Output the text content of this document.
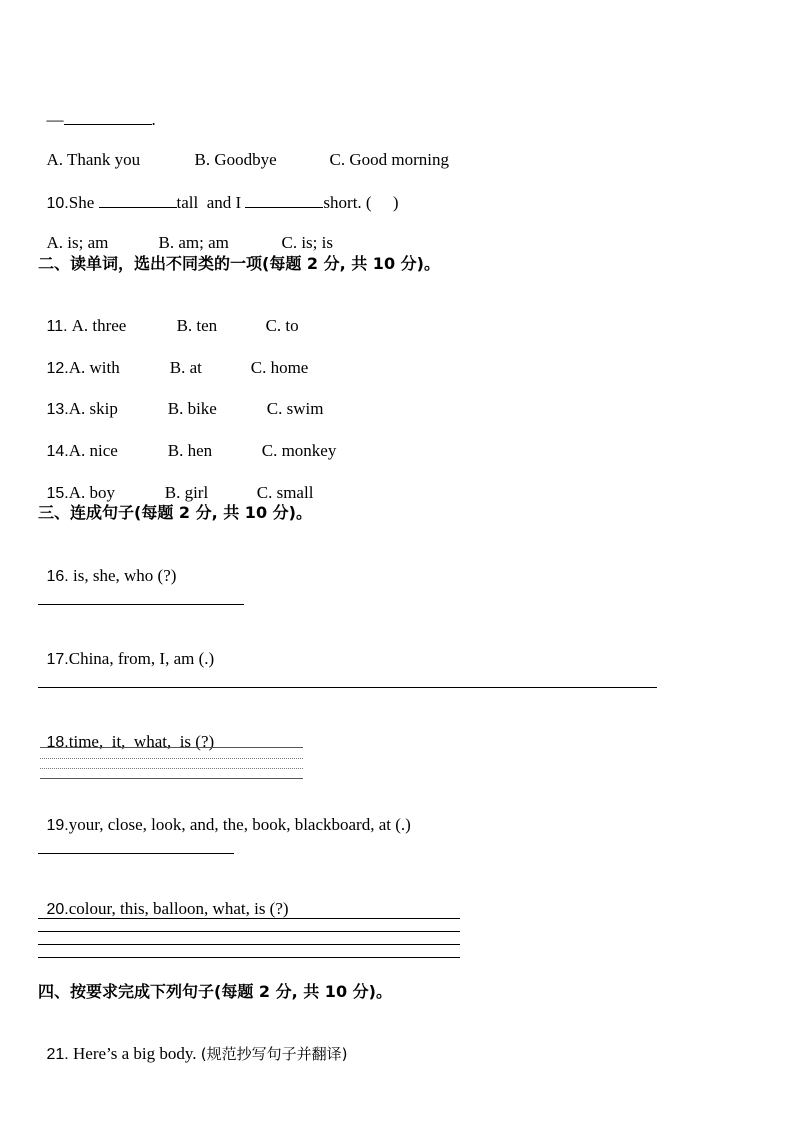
—	.

A. Thank you	B. Goodbye	C. Good morning

10.She	tall  and I	short. (     )

A. is; am	B. am; am	C. is; is

二、读单词，选出不同类的一项(每题 2 分, 共 10 分)。

11. A. three	B. ten	C. to

12.A. with	B. at	C. home

13.A. skip	B. bike	C. swim

14.A. nice	B. hen	C. monkey

15.A. boy	B. girl	C. small

三、连成句子(每题 2 分, 共 10 分)。

16. is, she, who (?)

17.China, from, I, am (.)

18.time,  it,  what,  is (?)

19.your, close, look, and, the, book, blackboard, at (.)

20.colour, this, balloon, what, is (?)

四、按要求完成下列句子(每题 2 分, 共 10 分)。

21. Here’s a big body. (规范抄写句子并翻译)
